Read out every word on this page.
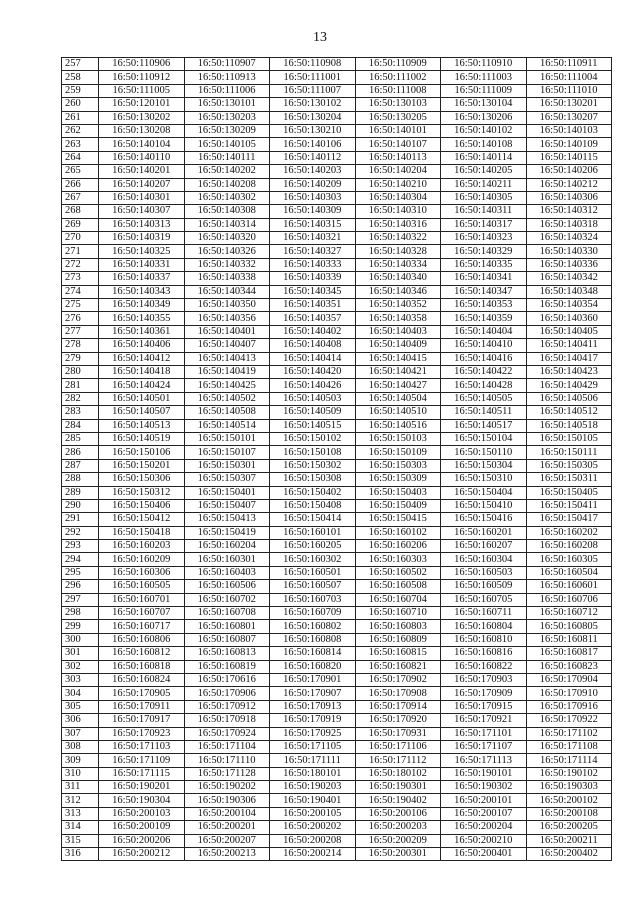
13
257	16:50:110906	16:50:110907	16:50:110908	16:50:110909	16:50:110910	16:50:110911
258	16:50:110912	16:50:110913	16:50:111001	16:50:111002	16:50:111003	16:50:111004
259	16:50:111005	16:50:111006	16:50:111007	16:50:111008	16:50:111009	16:50:111010
260	16:50:120101	16:50:130101	16:50:130102	16:50:130103	16:50:130104	16:50:130201
261	16:50:130202	16:50:130203	16:50:130204	16:50:130205	16:50:130206	16:50:130207
262	16:50:130208	16:50:130209	16:50:130210	16:50:140101	16:50:140102	16:50:140103
263	16:50:140104	16:50:140105	16:50:140106	16:50:140107	16:50:140108	16:50:140109
264	16:50:140110	16:50:140111	16:50:140112	16:50:140113	16:50:140114	16:50:140115
265	16:50:140201	16:50:140202	16:50:140203	16:50:140204	16:50:140205	16:50:140206
266	16:50:140207	16:50:140208	16:50:140209	16:50:140210	16:50:140211	16:50:140212
267	16:50:140301	16:50:140302	16:50:140303	16:50:140304	16:50:140305	16:50:140306
268	16:50:140307	16:50:140308	16:50:140309	16:50:140310	16:50:140311	16:50:140312
269	16:50:140313	16:50:140314	16:50:140315	16:50:140316	16:50:140317	16:50:140318
270	16:50:140319	16:50:140320	16:50:140321	16:50:140322	16:50:140323	16:50:140324
271	16:50:140325	16:50:140326	16:50:140327	16:50:140328	16:50:140329	16:50:140330
272	16:50:140331	16:50:140332	16:50:140333	16:50:140334	16:50:140335	16:50:140336
273	16:50:140337	16:50:140338	16:50:140339	16:50:140340	16:50:140341	16:50:140342
274	16:50:140343	16:50:140344	16:50:140345	16:50:140346	16:50:140347	16:50:140348
275	16:50:140349	16:50:140350	16:50:140351	16:50:140352	16:50:140353	16:50:140354
276	16:50:140355	16:50:140356	16:50:140357	16:50:140358	16:50:140359	16:50:140360
277	16:50:140361	16:50:140401	16:50:140402	16:50:140403	16:50:140404	16:50:140405
278	16:50:140406	16:50:140407	16:50:140408	16:50:140409	16:50:140410	16:50:140411
279	16:50:140412	16:50:140413	16:50:140414	16:50:140415	16:50:140416	16:50:140417
280	16:50:140418	16:50:140419	16:50:140420	16:50:140421	16:50:140422	16:50:140423
281	16:50:140424	16:50:140425	16:50:140426	16:50:140427	16:50:140428	16:50:140429
282	16:50:140501	16:50:140502	16:50:140503	16:50:140504	16:50:140505	16:50:140506
283	16:50:140507	16:50:140508	16:50:140509	16:50:140510	16:50:140511	16:50:140512
284	16:50:140513	16:50:140514	16:50:140515	16:50:140516	16:50:140517	16:50:140518
285	16:50:140519	16:50:150101	16:50:150102	16:50:150103	16:50:150104	16:50:150105
286	16:50:150106	16:50:150107	16:50:150108	16:50:150109	16:50:150110	16:50:150111
287	16:50:150201	16:50:150301	16:50:150302	16:50:150303	16:50:150304	16:50:150305
288	16:50:150306	16:50:150307	16:50:150308	16:50:150309	16:50:150310	16:50:150311
289	16:50:150312	16:50:150401	16:50:150402	16:50:150403	16:50:150404	16:50:150405
290	16:50:150406	16:50:150407	16:50:150408	16:50:150409	16:50:150410	16:50:150411
291	16:50:150412	16:50:150413	16:50:150414	16:50:150415	16:50:150416	16:50:150417
292	16:50:150418	16:50:150419	16:50:160101	16:50:160102	16:50:160201	16:50:160202
293	16:50:160203	16:50:160204	16:50:160205	16:50:160206	16:50:160207	16:50:160208
294	16:50:160209	16:50:160301	16:50:160302	16:50:160303	16:50:160304	16:50:160305
295	16:50:160306	16:50:160403	16:50:160501	16:50:160502	16:50:160503	16:50:160504
296	16:50:160505	16:50:160506	16:50:160507	16:50:160508	16:50:160509	16:50:160601
297	16:50:160701	16:50:160702	16:50:160703	16:50:160704	16:50:160705	16:50:160706
298	16:50:160707	16:50:160708	16:50:160709	16:50:160710	16:50:160711	16:50:160712
299	16:50:160717	16:50:160801	16:50:160802	16:50:160803	16:50:160804	16:50:160805
300	16:50:160806	16:50:160807	16:50:160808	16:50:160809	16:50:160810	16:50:160811
301	16:50:160812	16:50:160813	16:50:160814	16:50:160815	16:50:160816	16:50:160817
302	16:50:160818	16:50:160819	16:50:160820	16:50:160821	16:50:160822	16:50:160823
303	16:50:160824	16:50:170616	16:50:170901	16:50:170902	16:50:170903	16:50:170904
304	16:50:170905	16:50:170906	16:50:170907	16:50:170908	16:50:170909	16:50:170910
305	16:50:170911	16:50:170912	16:50:170913	16:50:170914	16:50:170915	16:50:170916
306	16:50:170917	16:50:170918	16:50:170919	16:50:170920	16:50:170921	16:50:170922
307	16:50:170923	16:50:170924	16:50:170925	16:50:170931	16:50:171101	16:50:171102
308	16:50:171103	16:50:171104	16:50:171105	16:50:171106	16:50:171107	16:50:171108
309	16:50:171109	16:50:171110	16:50:171111	16:50:171112	16:50:171113	16:50:171114
310	16:50:171115	16:50:171128	16:50:180101	16:50:180102	16:50:190101	16:50:190102
311	16:50:190201	16:50:190202	16:50:190203	16:50:190301	16:50:190302	16:50:190303
312	16:50:190304	16:50:190306	16:50:190401	16:50:190402	16:50:200101	16:50:200102
313	16:50:200103	16:50:200104	16:50:200105	16:50:200106	16:50:200107	16:50:200108
314	16:50:200109	16:50:200201	16:50:200202	16:50:200203	16:50:200204	16:50:200205
315	16:50:200206	16:50:200207	16:50:200208	16:50:200209	16:50:200210	16:50:200211
316	16:50:200212	16:50:200213	16:50:200214	16:50:200301	16:50:200401	16:50:200402
